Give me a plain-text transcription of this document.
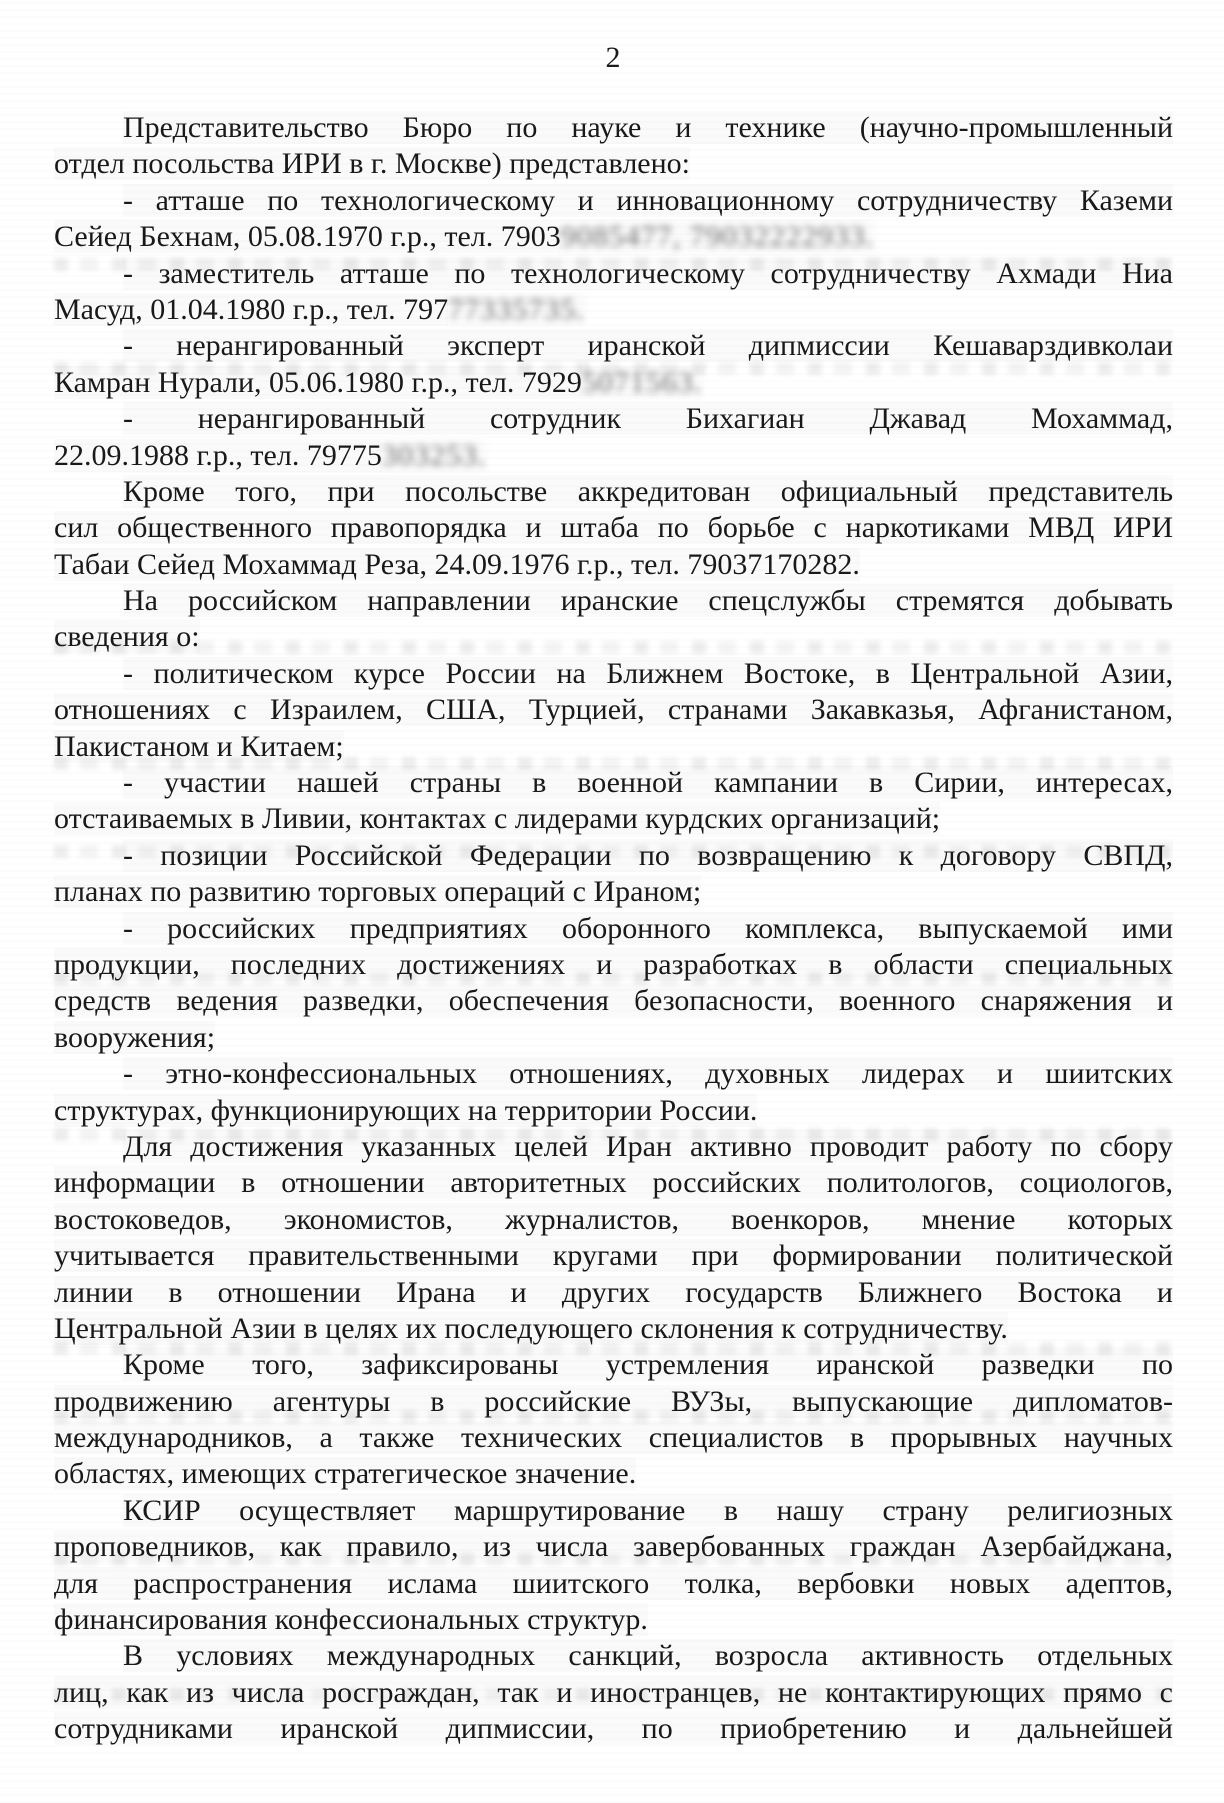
2
Представительство Бюро по науке и технике (научно-промышленный
отдел посольства ИРИ в г. Москве) представлено:
- атташе по технологическому и инновационному сотрудничеству Каземи
Сейед Бехнам, 05.08.1970 г.р., тел. 79039085477, 79032222933.
- заместитель атташе по технологическому сотрудничеству Ахмади Ниа
Масуд, 01.04.1980 г.р., тел. 79777335735.
- нерангированный эксперт иранской дипмиссии Кешаварздивколаи
Камран Нурали, 05.06.1980 г.р., тел. 79295071563.
- нерангированный сотрудник Бихагиан Джавад Мохаммад,
22.09.1988 г.р., тел. 79775303253.
Кроме того, при посольстве аккредитован официальный представитель
сил общественного правопорядка и штаба по борьбе с наркотиками МВД ИРИ
Табаи Сейед Мохаммад Реза, 24.09.1976 г.р., тел. 79037170282.
На российском направлении иранские спецслужбы стремятся добывать
сведения о:
- политическом курсе России на Ближнем Востоке, в Центральной Азии,
отношениях с Израилем, США, Турцией, странами Закавказья, Афганистаном,
Пакистаном и Китаем;
- участии нашей страны в военной кампании в Сирии, интересах,
отстаиваемых в Ливии, контактах с лидерами курдских организаций;
- позиции Российской Федерации по возвращению к договору СВПД,
планах по развитию торговых операций с Ираном;
- российских предприятиях оборонного комплекса, выпускаемой ими
продукции, последних достижениях и разработках в области специальных
средств ведения разведки, обеспечения безопасности, военного снаряжения и
вооружения;
- этно-конфессиональных отношениях, духовных лидерах и шиитских
структурах, функционирующих на территории России.
Для достижения указанных целей Иран активно проводит работу по сбору
информации в отношении авторитетных российских политологов, социологов,
востоковедов, экономистов, журналистов, военкоров, мнение которых
учитывается правительственными кругами при формировании политической
линии в отношении Ирана и других государств Ближнего Востока и
Центральной Азии в целях их последующего склонения к сотрудничеству.
Кроме того, зафиксированы устремления иранской разведки по
продвижению агентуры в российские ВУЗы, выпускающие дипломатов-
международников, а также технических специалистов в прорывных научных
областях, имеющих стратегическое значение.
КСИР осуществляет маршрутирование в нашу страну религиозных
проповедников, как правило, из числа завербованных граждан Азербайджана,
для распространения ислама шиитского толка, вербовки новых адептов,
финансирования конфессиональных структур.
В условиях международных санкций, возросла активность отдельных
лиц, как из числа росграждан, так и иностранцев, не контактирующих прямо с
сотрудниками иранской дипмиссии, по приобретению и дальнейшей
